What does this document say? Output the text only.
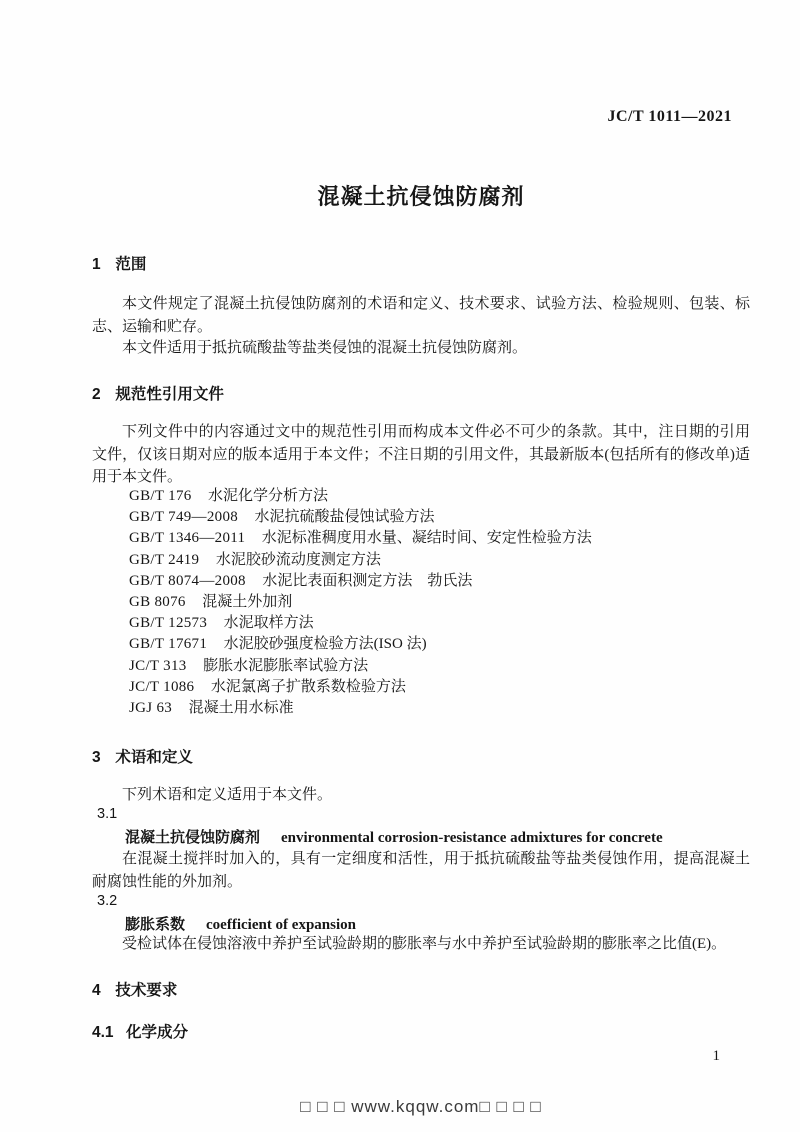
JC/T 1011—2021
混凝土抗侵蚀防腐剂
1 范围
本文件规定了混凝土抗侵蚀防腐剂的术语和定义、技术要求、试验方法、检验规则、包装、标志、运输和贮存。
本文件适用于抵抗硫酸盐等盐类侵蚀的混凝土抗侵蚀防腐剂。
2 规范性引用文件
下列文件中的内容通过文中的规范性引用而构成本文件必不可少的条款。其中，注日期的引用文件，仅该日期对应的版本适用于本文件；不注日期的引用文件，其最新版本(包括所有的修改单)适用于本文件。
GB/T 176 水泥化学分析方法
GB/T 749—2008 水泥抗硫酸盐侵蚀试验方法
GB/T 1346—2011 水泥标准稠度用水量、凝结时间、安定性检验方法
GB/T 2419 水泥胶砂流动度测定方法
GB/T 8074—2008 水泥比表面积测定方法　勃氏法
GB 8076 混凝土外加剂
GB/T 12573 水泥取样方法
GB/T 17671 水泥胶砂强度检验方法(ISO 法)
JC/T 313 膨胀水泥膨胀率试验方法
JC/T 1086 水泥氯离子扩散系数检验方法
JGJ 63 混凝土用水标准
3 术语和定义
下列术语和定义适用于本文件。
3.1
混凝土抗侵蚀防腐剂 environmental corrosion-resistance admixtures for concrete
在混凝土搅拌时加入的，具有一定细度和活性，用于抵抗硫酸盐等盐类侵蚀作用，提高混凝土耐腐蚀性能的外加剂。
3.2
膨胀系数 coefficient of expansion
受检试体在侵蚀溶液中养护至试验龄期的膨胀率与水中养护至试验龄期的膨胀率之比值(E)。
4 技术要求
4.1 化学成分
1
□ □ □ www.kqqw.com□ □ □ □
